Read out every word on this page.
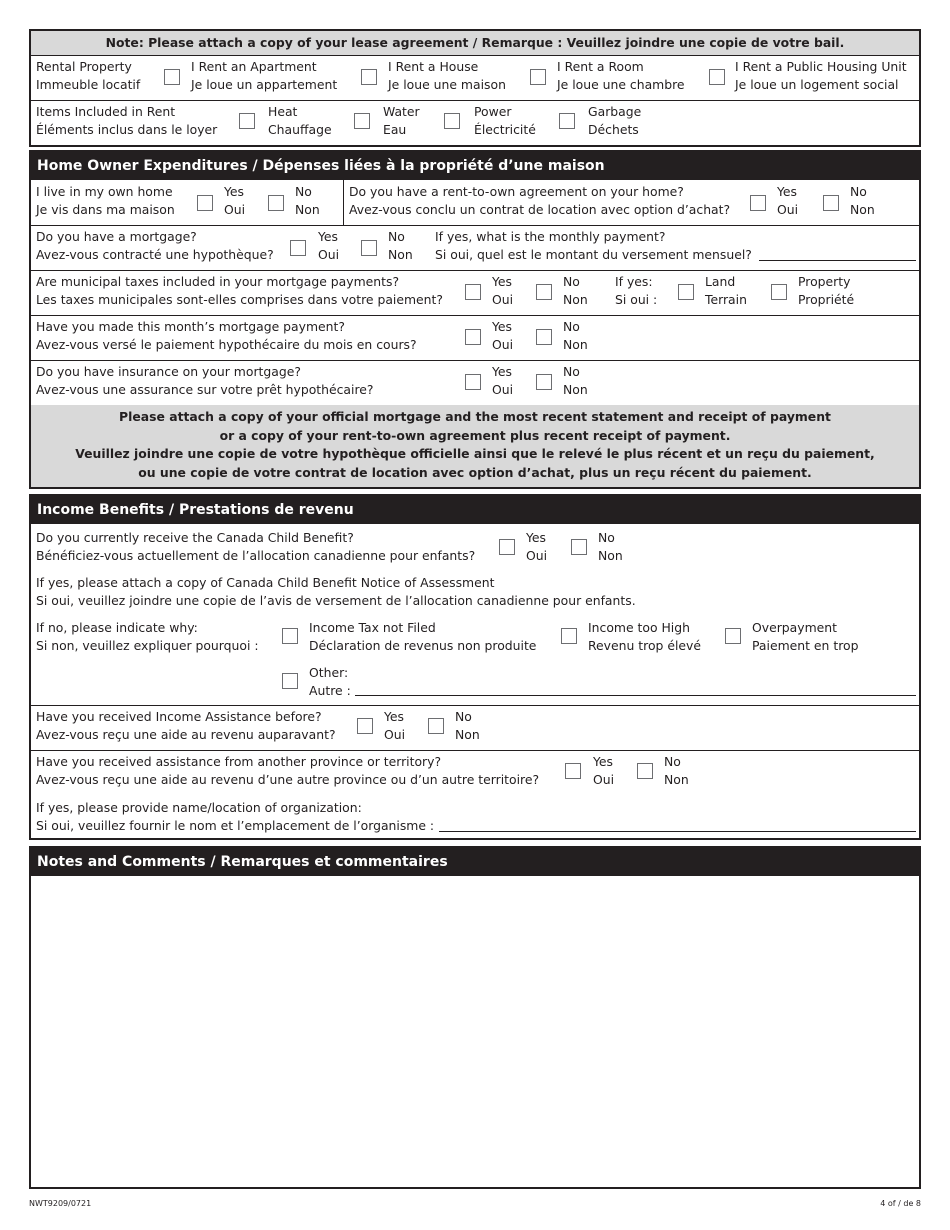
Note: Please attach a copy of your lease agreement / Remarque : Veuillez joindre une copie de votre bail.
Rental Property
Immeuble locatif
I Rent an Apartment
Je loue un appartement
I Rent a House
Je loue une maison
I Rent a Room
Je loue une chambre
I Rent a Public Housing Unit
Je loue un logement social
Items Included in Rent
Éléments inclus dans le loyer
Heat
Chauffage
Water
Eau
Power
Électricité
Garbage
Déchets
Home Owner Expenditures / Dépenses liées à la propriété d’une maison
I live in my own home
Je vis dans ma maison
Yes
Oui
No
Non
Do you have a rent-to-own agreement on your home?
Avez-vous conclu un contrat de location avec option d’achat?
Yes
Oui
No
Non
Do you have a mortgage?
Avez-vous contracté une hypothèque?
Yes
Oui
No
Non
If yes, what is the monthly payment?
Si oui, quel est le montant du versement mensuel?
Are municipal taxes included in your mortgage payments?
Les taxes municipales sont-elles comprises dans votre paiement?
Yes
Oui
No
Non
If yes:
Si oui :
Land
Terrain
Property
Propriété
Have you made this month’s mortgage payment?
Avez-vous versé le paiement hypothécaire du mois en cours?
Yes
Oui
No
Non
Do you have insurance on your mortgage?
Avez-vous une assurance sur votre prêt hypothécaire?
Yes
Oui
No
Non
Please attach a copy of your official mortgage and the most recent statement and receipt of payment
or a copy of your rent-to-own agreement plus recent receipt of payment.
Veuillez joindre une copie de votre hypothèque officielle ainsi que le relevé le plus récent et un reçu du paiement,
ou une copie de votre contrat de location avec option d’achat, plus un reçu récent du paiement.
Income Benefits / Prestations de revenu
Do you currently receive the Canada Child Benefit?
Bénéficiez-vous actuellement de l’allocation canadienne pour enfants?
Yes
Oui
No
Non
If yes, please attach a copy of Canada Child Benefit Notice of Assessment
Si oui, veuillez joindre une copie de l’avis de versement de l’allocation canadienne pour enfants.
If no, please indicate why:
Si non, veuillez expliquer pourquoi :
Income Tax not Filed
Déclaration de revenus non produite
Income too High
Revenu trop élevé
Overpayment
Paiement en trop
Other:
Autre :
Have you received Income Assistance before?
Avez-vous reçu une aide au revenu auparavant?
Yes
Oui
No
Non
Have you received assistance from another province or territory?
Avez-vous reçu une aide au revenu d’une autre province ou d’un autre territoire?
Yes
Oui
No
Non
If yes, please provide name/location of organization:
Si oui, veuillez fournir le nom et l’emplacement de l’organisme :
Notes and Comments / Remarques et commentaires
NWT9209/0721	4 of / de 8
